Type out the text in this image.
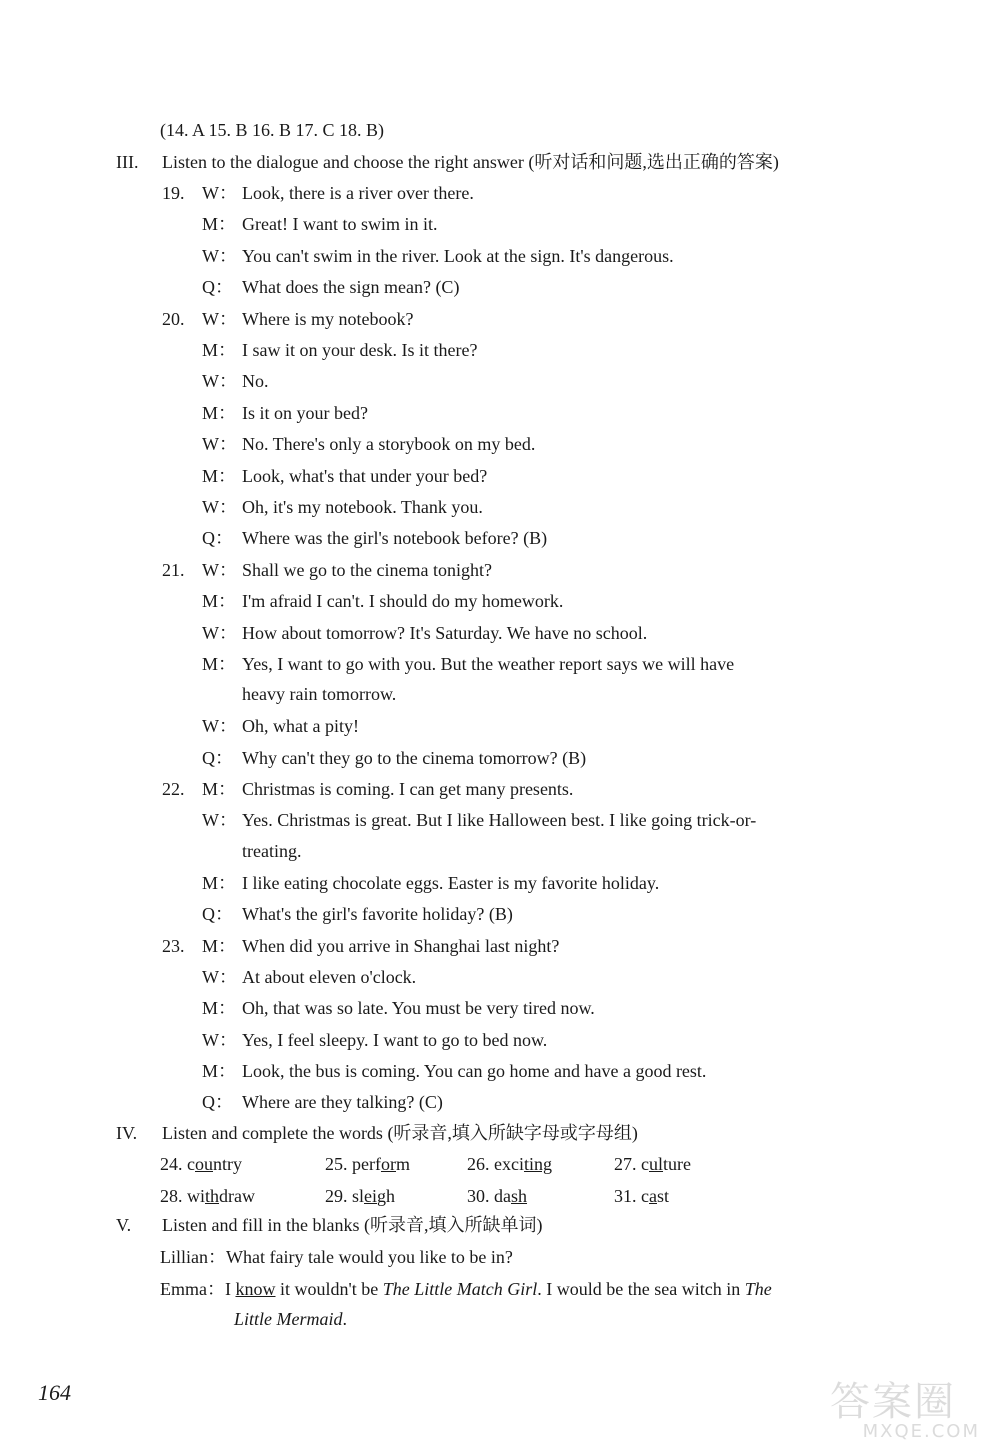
(14. A 15. B 16. B 17. C 18. B)
III. Listen to the dialogue and choose the right answer (听对话和问题,选出正确的答案)
19. W： Look, there is a river over there.
M： Great! I want to swim in it.
W： You can't swim in the river. Look at the sign. It's dangerous.
Q： What does the sign mean? (C)
20. W： Where is my notebook?
M： I saw it on your desk. Is it there?
W： No.
M： Is it on your bed?
W： No. There's only a storybook on my bed.
M： Look, what's that under your bed?
W： Oh, it's my notebook. Thank you.
Q： Where was the girl's notebook before? (B)
21. W： Shall we go to the cinema tonight?
M： I'm afraid I can't. I should do my homework.
W： How about tomorrow? It's Saturday. We have no school.
M： Yes, I want to go with you. But the weather report says we will have
heavy rain tomorrow.
W： Oh, what a pity!
Q： Why can't they go to the cinema tomorrow? (B)
22. M： Christmas is coming. I can get many presents.
W： Yes. Christmas is great. But I like Halloween best. I like going trick-or-
treating.
M： I like eating chocolate eggs. Easter is my favorite holiday.
Q： What's the girl's favorite holiday? (B)
23. M： When did you arrive in Shanghai last night?
W： At about eleven o'clock.
M： Oh, that was so late. You must be very tired now.
W： Yes, I feel sleepy. I want to go to bed now.
M： Look, the bus is coming. You can go home and have a good rest.
Q： Where are they talking? (C)
IV. Listen and complete the words (听录音,填入所缺字母或字母组)
24. country	25. perform	26. exciting	27. culture
28. withdraw	29. sleigh	30. dash	31. cast
V. Listen and fill in the blanks (听录音,填入所缺单词)
Lillian：What fairy tale would you like to be in?
Emma：I know it wouldn't be The Little Match Girl. I would be the sea witch in The
Little Mermaid.
164	答案圈
MXQE.COM
